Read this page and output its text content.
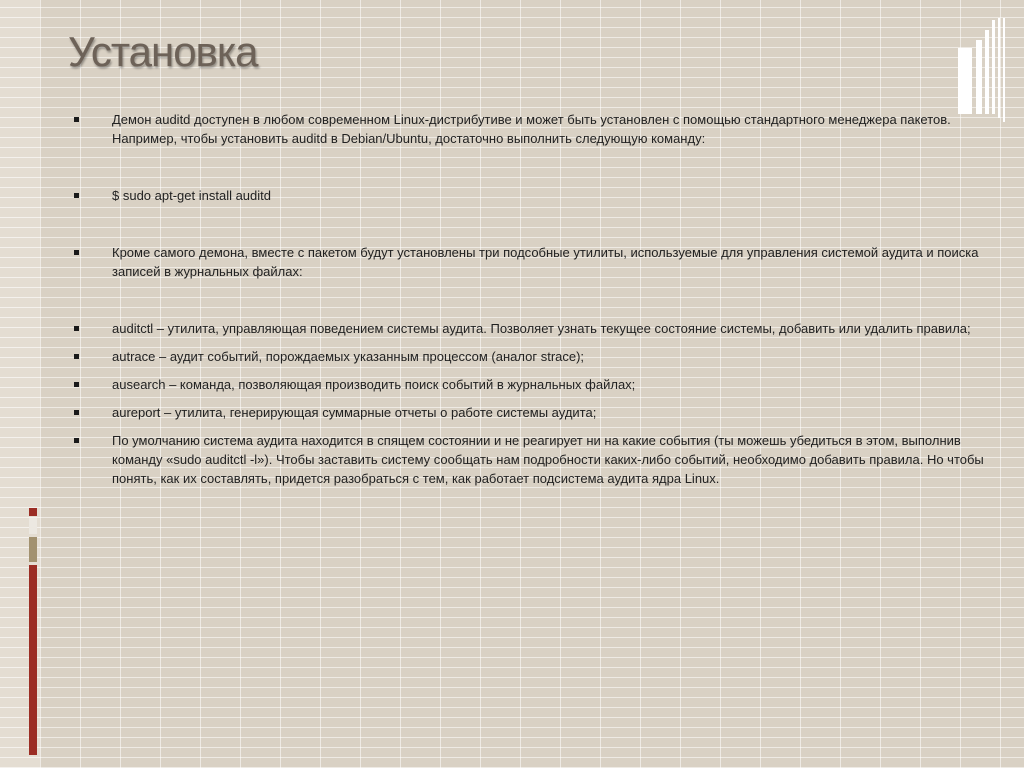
Установка
Демон auditd доступен в любом современном Linux-дистрибутиве и может быть установлен с помощью стандартного менеджера пакетов. Например, чтобы установить auditd в Debian/Ubuntu, достаточно выполнить следующую команду:
$ sudo apt-get install auditd
Кроме самого демона, вместе с пакетом будут установлены три подсобные утилиты, используемые для управления системой аудита и поиска записей в журнальных файлах:
auditctl – утилита, управляющая поведением системы аудита. Позволяет узнать текущее состояние системы, добавить или удалить правила;
autrace – аудит событий, порождаемых указанным процессом (аналог strace);
ausearch – команда, позволяющая производить поиск событий в журнальных файлах;
aureport – утилита, генерирующая суммарные отчеты о работе системы аудита;
По умолчанию система аудита находится в спящем состоянии и не реагирует ни на какие события (ты можешь убедиться в этом, выполнив команду «sudo auditctl -l»). Чтобы заставить систему сообщать нам подробности каких-либо событий, необходимо добавить правила. Но чтобы понять, как их составлять, придется разобраться с тем, как работает подсистема аудита ядра Linux.
